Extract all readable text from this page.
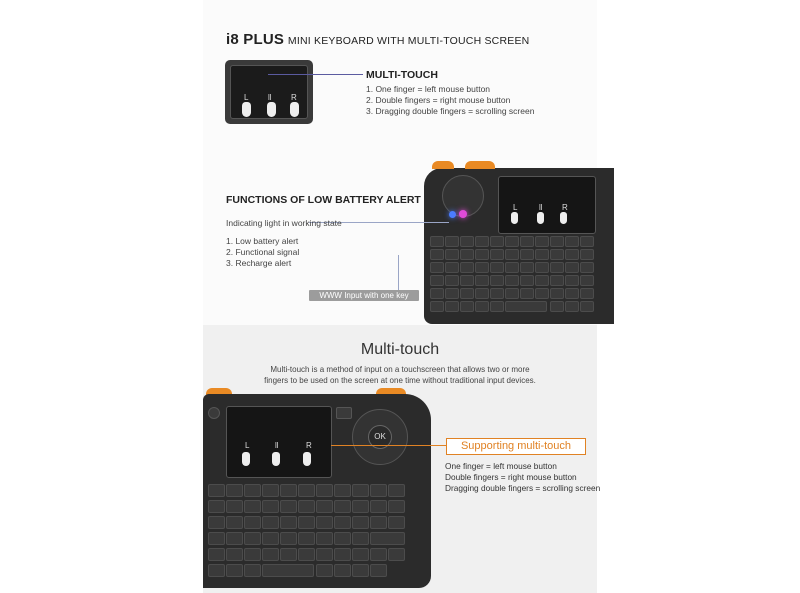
i8 PLUS MINI KEYBOARD WITH MULTI-TOUCH SCREEN
L ll R
MULTI-TOUCH
1. One finger = left mouse button
2. Double fingers = right mouse button
3. Dragging double fingers = scrolling screen
L	ll R
FUNCTIONS OF LOW BATTERY ALERT
Indicating light in working state
1. Low battery alert
2. Functional signal
3. Recharge alert
WWW Input with one key
Multi-touch
Multi-touch is a method of input on a touchscreen that allows two or more
fingers to be used on the screen at one time without traditional input devices.
L	ll	R
OK
Supporting multi-touch
One finger = left mouse button
Double fingers = right mouse button
Dragging double fingers = scrolling screen
